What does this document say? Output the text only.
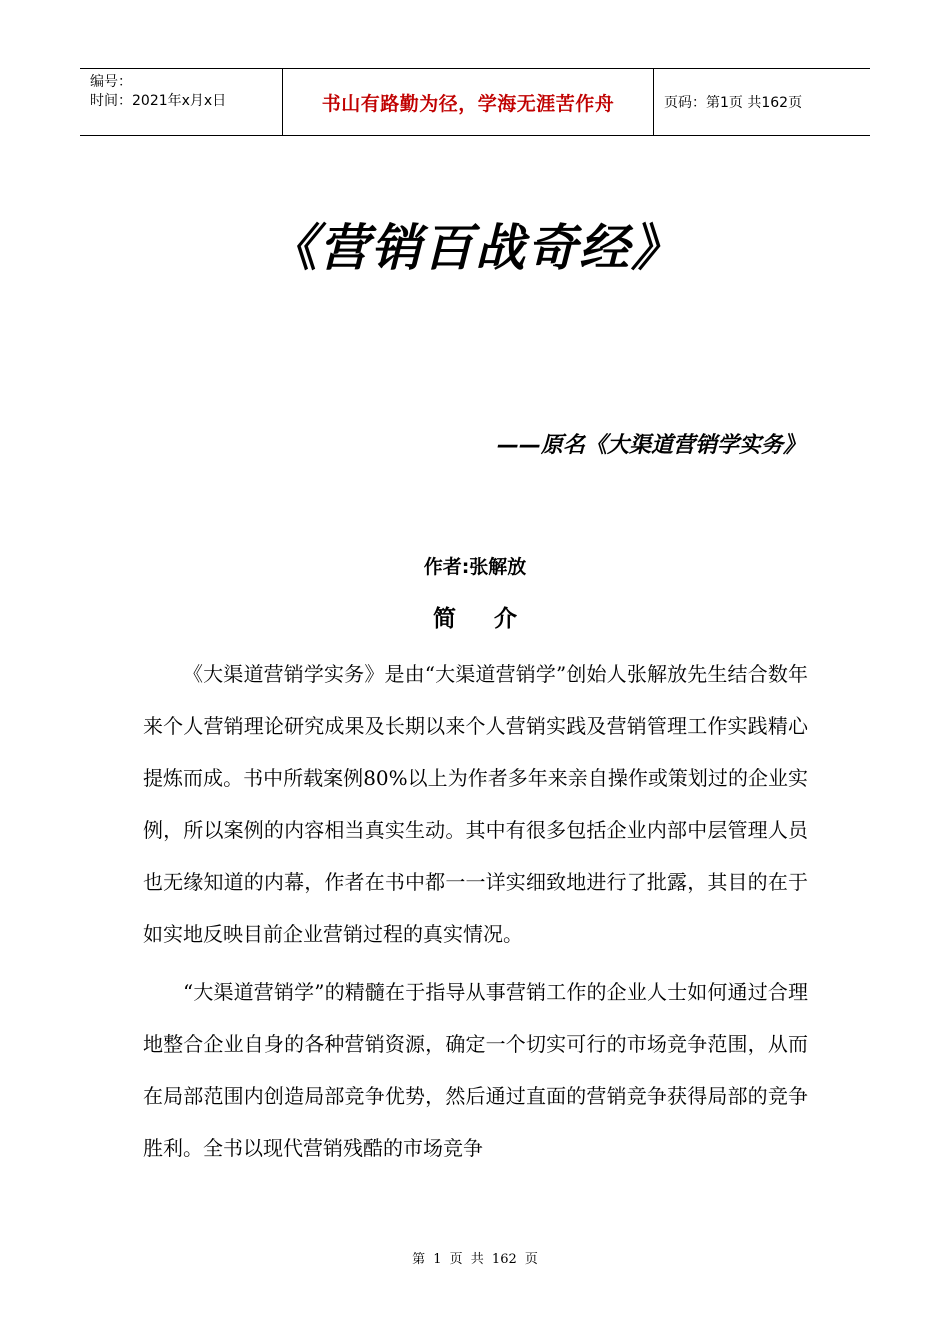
编号：
时间：2021年x月x日	书山有路勤为径，学海无涯苦作舟	页码：第1页 共162页
《营销百战奇经》
——原名《大渠道营销学实务》
作者:张解放
简介

《大渠道营销学实务》是由“大渠道营销学”创始人张解放先生结合数年来个人营销理论研究成果及长期以来个人营销实践及营销管理工作实践精心提炼而成。书中所载案例80%以上为作者多年来亲自操作或策划过的企业实例，所以案例的内容相当真实生动。其中有很多包括企业内部中层管理人员也无缘知道的内幕，作者在书中都一一详实细致地进行了批露，其目的在于如实地反映目前企业营销过程的真实情况。

“大渠道营销学”的精髓在于指导从事营销工作的企业人士如何通过合理地整合企业自身的各种营销资源，确定一个切实可行的市场竞争范围，从而在局部范围内创造局部竞争优势，然后通过直面的营销竞争获得局部的竞争胜利。全书以现代营销残酷的市场竞争

第 1 页 共 162 页
